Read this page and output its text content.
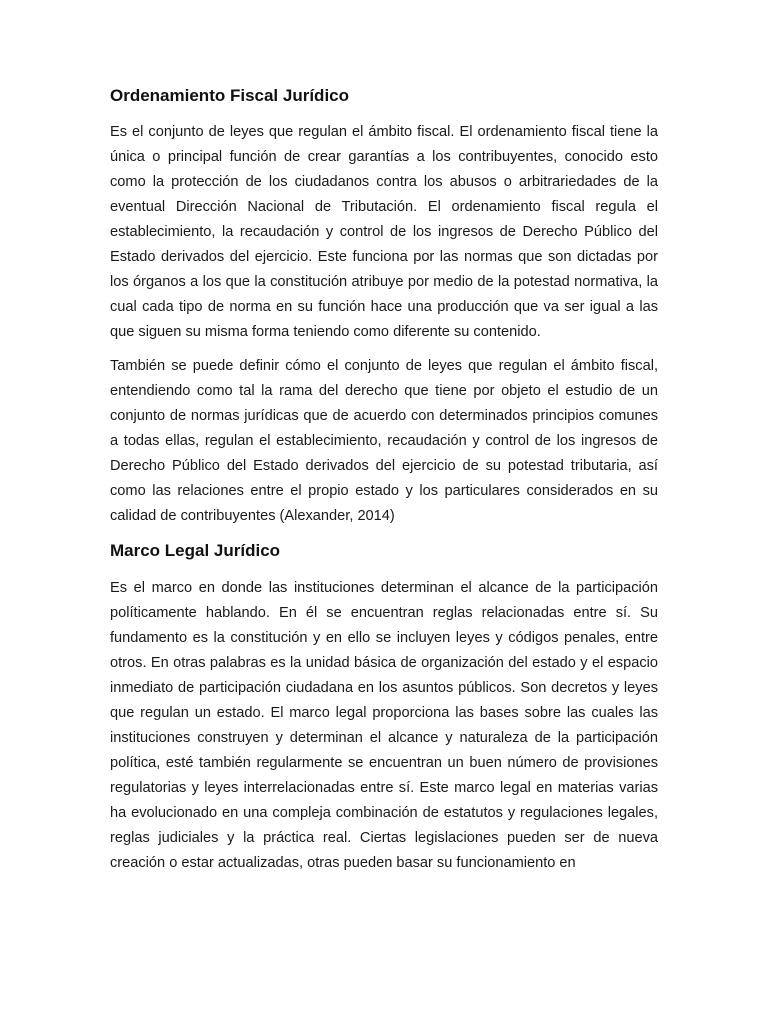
Ordenamiento Fiscal Jurídico

Es el conjunto de leyes que regulan el ámbito fiscal. El ordenamiento fiscal tiene la única o principal función de crear garantías a los contribuyentes, conocido esto como la protección de los ciudadanos contra los abusos o arbitrariedades de la eventual Dirección Nacional de Tributación. El ordenamiento fiscal regula el establecimiento, la recaudación y control de los ingresos de Derecho Público del Estado derivados del ejercicio. Este funciona por las normas que son dictadas por los órganos a los que la constitución atribuye por medio de la potestad normativa, la cual cada tipo de norma en su función hace una producción que va ser igual a las que siguen su misma forma teniendo como diferente su contenido.

También se puede definir cómo el conjunto de leyes que regulan el ámbito fiscal, entendiendo como tal la rama del derecho que tiene por objeto el estudio de un conjunto de normas jurídicas que de acuerdo con determinados principios comunes a todas ellas, regulan el establecimiento, recaudación y control de los ingresos de Derecho Público del Estado derivados del ejercicio de su potestad tributaria, así como las relaciones entre el propio estado y los particulares considerados en su calidad de contribuyentes (Alexander, 2014)

Marco Legal Jurídico

Es el marco en donde las instituciones determinan el alcance de la participación políticamente hablando. En él se encuentran reglas relacionadas entre sí. Su fundamento es la constitución y en ello se incluyen leyes y códigos penales, entre otros. En otras palabras es la unidad básica de organización del estado y el espacio inmediato de participación ciudadana en los asuntos públicos. Son decretos y leyes que regulan un estado. El marco legal proporciona las bases sobre las cuales las instituciones construyen y determinan el alcance y naturaleza de la participación política, esté también regularmente se encuentran un buen número de provisiones regulatorias y leyes interrelacionadas entre sí. Este marco legal en materias varias ha evolucionado en una compleja combinación de estatutos y regulaciones legales, reglas judiciales y la práctica real. Ciertas legislaciones pueden ser de nueva creación o estar actualizadas, otras pueden basar su funcionamiento en
